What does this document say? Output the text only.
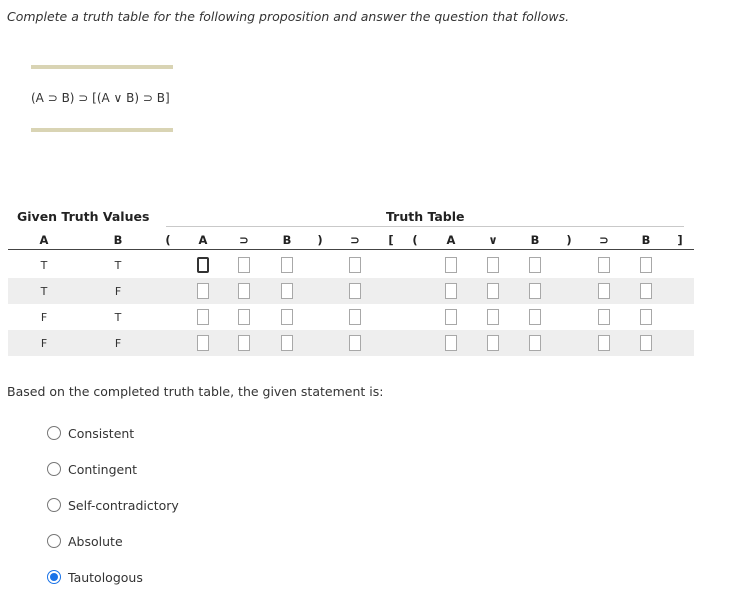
Complete a truth table for the following proposition and answer the question that follows.
(A ⊃ B) ⊃ [(A ∨ B) ⊃ B]
Given Truth Values	Truth Table
A	B	( A	⊃	B ) ⊃ [ (	A	∨	B ) ⊃	B ]
T	T
T	F
F	T
F	F
Based on the completed truth table, the given statement is:
Consistent
Contingent
Self-contradictory
Absolute
Tautologous
